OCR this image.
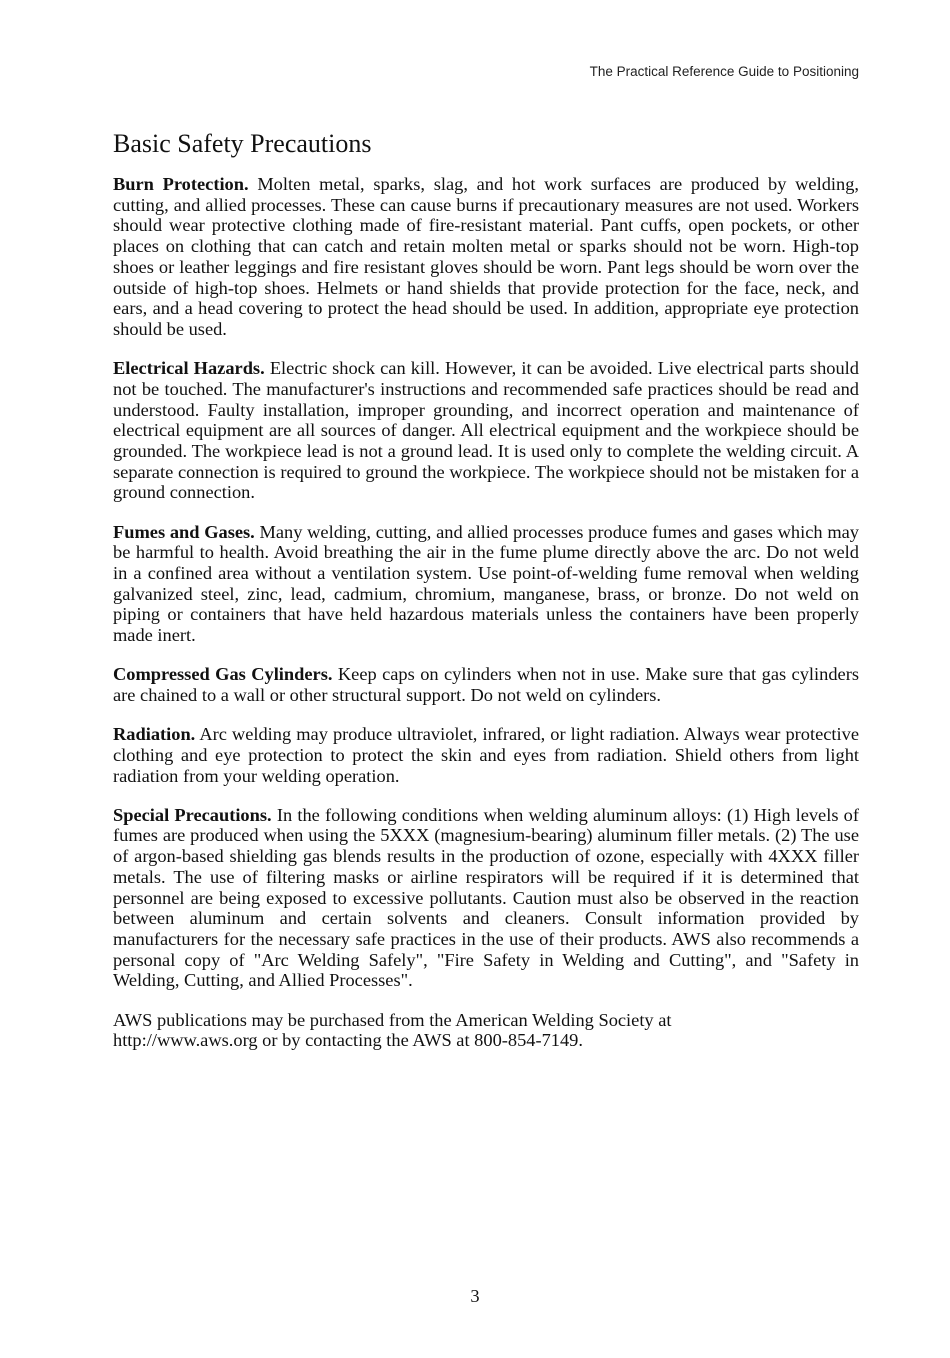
The Practical Reference Guide to Positioning
Basic Safety Precautions

Burn Protection. Molten metal, sparks, slag, and hot work surfaces are produced by welding, cutting, and allied processes. These can cause burns if precautionary measures are not used. Workers should wear protective clothing made of fire-resistant material. Pant cuffs, open pockets, or other places on clothing that can catch and retain molten metal or sparks should not be worn. High-top shoes or leather leggings and fire resistant gloves should be worn. Pant legs should be worn over the outside of high-top shoes. Helmets or hand shields that provide protection for the face, neck, and ears, and a head covering to protect the head should be used. In addition, appropriate eye protection should be used.

Electrical Hazards. Electric shock can kill. However, it can be avoided. Live electrical parts should not be touched. The manufacturer's instructions and recommended safe practices should be read and understood. Faulty installation, improper grounding, and incorrect operation and maintenance of electrical equipment are all sources of danger. All electrical equipment and the workpiece should be grounded. The workpiece lead is not a ground lead. It is used only to complete the welding circuit. A separate connection is required to ground the workpiece. The workpiece should not be mistaken for a ground connection.

Fumes and Gases. Many welding, cutting, and allied processes produce fumes and gases which may be harmful to health. Avoid breathing the air in the fume plume directly above the arc. Do not weld in a confined area without a ventilation system. Use point-of-welding fume removal when welding galvanized steel, zinc, lead, cadmium, chromium, manganese, brass, or bronze. Do not weld on piping or containers that have held hazardous materials unless the containers have been properly made inert.

Compressed Gas Cylinders. Keep caps on cylinders when not in use. Make sure that gas cylinders are chained to a wall or other structural support. Do not weld on cylinders.

Radiation. Arc welding may produce ultraviolet, infrared, or light radiation. Always wear protective clothing and eye protection to protect the skin and eyes from radiation. Shield others from light radiation from your welding operation.

Special Precautions. In the following conditions when welding aluminum alloys: (1) High levels of fumes are produced when using the 5XXX (magnesium-bearing) aluminum filler metals. (2) The use of argon-based shielding gas blends results in the production of ozone, especially with 4XXX filler metals. The use of filtering masks or airline respirators will be required if it is determined that personnel are being exposed to excessive pollutants. Caution must also be observed in the reaction between aluminum and certain solvents and cleaners. Consult information provided by manufacturers for the necessary safe practices in the use of their products. AWS also recommends a personal copy of "Arc Welding Safely", "Fire Safety in Welding and Cutting", and "Safety in Welding, Cutting, and Allied Processes".

AWS publications may be purchased from the American Welding Society at http://www.aws.org or by contacting the AWS at 800-854-7149.

3
